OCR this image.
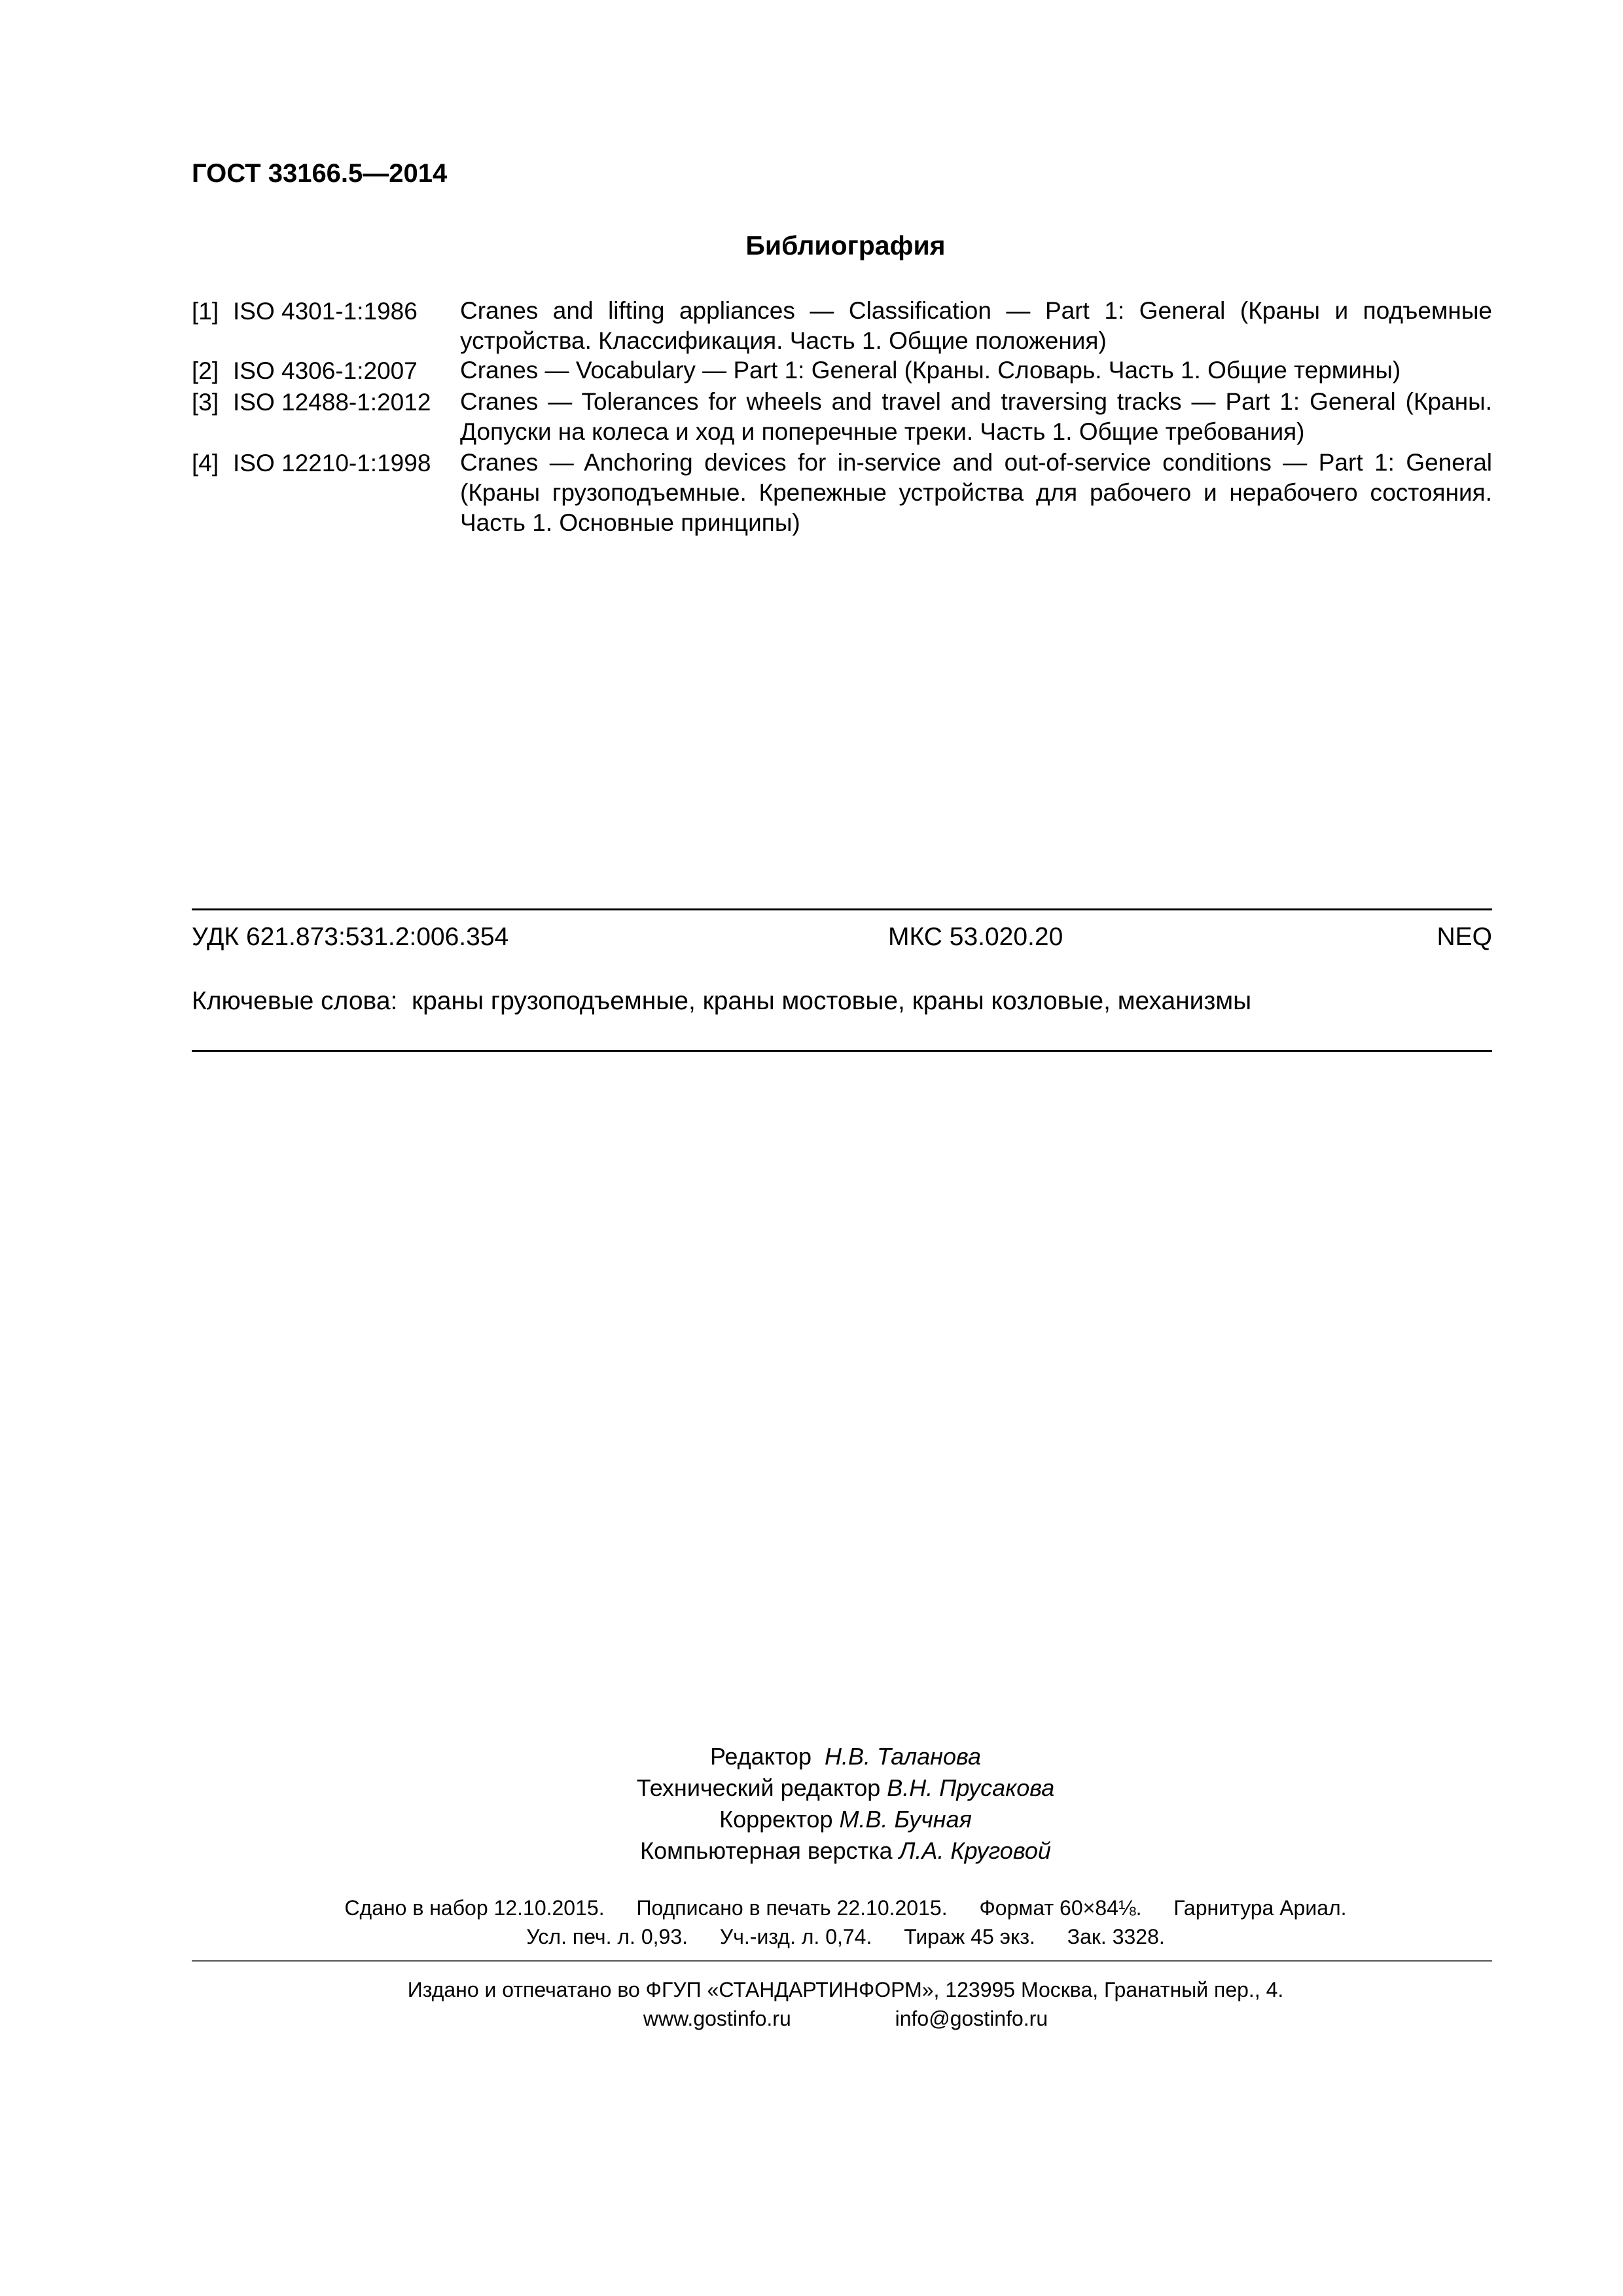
ГОСТ 33166.5—2014
Библиография
[1] ISO 4301-1:1986 Cranes and lifting appliances — Classification — Part 1: General (Краны и подъемные устройства. Классификация. Часть 1. Общие положения)
[2] ISO 4306-1:2007 Cranes — Vocabulary — Part 1: General (Краны. Словарь. Часть 1. Общие термины)
[3] ISO 12488-1:2012 Cranes — Tolerances for wheels and travel and traversing tracks — Part 1: General (Краны. Допуски на колеса и ход и поперечные треки. Часть 1. Общие требования)
[4] ISO 12210-1:1998 Cranes — Anchoring devices for in-service and out-of-service conditions — Part 1: General (Краны грузоподъемные. Крепежные устройства для рабочего и нерабочего состояния. Часть 1. Основные принципы)
УДК 621.873:531.2:006.354	МКС 53.020.20	NEQ
Ключевые слова: краны грузоподъемные, краны мостовые, краны козловые, механизмы
Редактор Н.В. Таланова
Технический редактор В.Н. Прусакова
Корректор М.В. Бучная
Компьютерная верстка Л.А. Круговой
Сдано в набор 12.10.2015. Подписано в печать 22.10.2015. Формат 60×84⅛. Гарнитура Ариал.
Усл. печ. л. 0,93. Уч.-изд. л. 0,74. Тираж 45 экз. Зак. 3328.
Издано и отпечатано во ФГУП «СТАНДАРТИНФОРМ», 123995 Москва, Гранатный пер., 4.
www.gostinfo.ru	info@gostinfo.ru
